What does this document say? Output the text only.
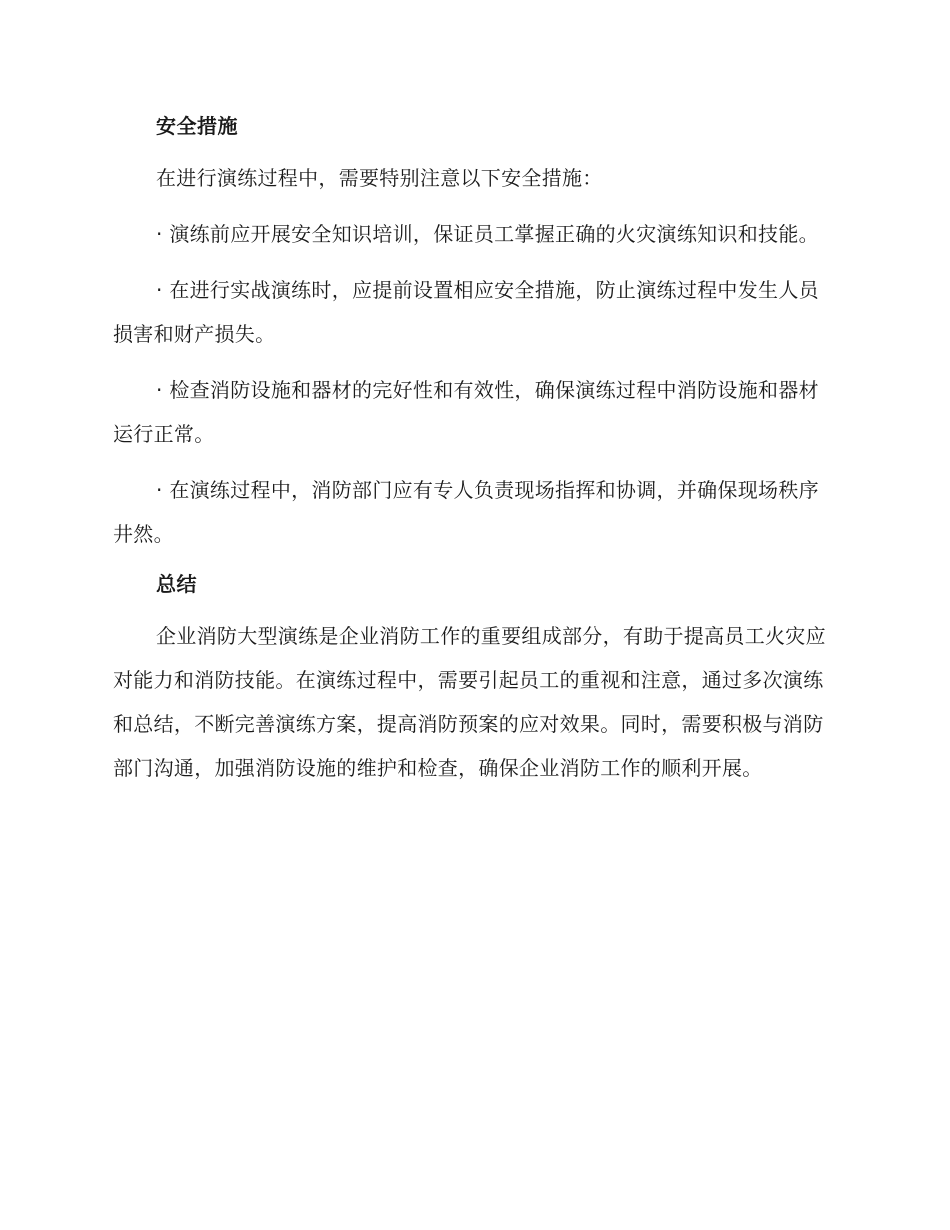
安全措施

在进行演练过程中，需要特别注意以下安全措施：

· 演练前应开展安全知识培训，保证员工掌握正确的火灾演练知识和技能。

· 在进行实战演练时，应提前设置相应安全措施，防止演练过程中发生人员损害和财产损失。

· 检查消防设施和器材的完好性和有效性，确保演练过程中消防设施和器材运行正常。

· 在演练过程中，消防部门应有专人负责现场指挥和协调，并确保现场秩序井然。

总结

企业消防大型演练是企业消防工作的重要组成部分，有助于提高员工火灾应对能力和消防技能。在演练过程中，需要引起员工的重视和注意，通过多次演练和总结，不断完善演练方案，提高消防预案的应对效果。同时，需要积极与消防部门沟通，加强消防设施的维护和检查，确保企业消防工作的顺利开展。
